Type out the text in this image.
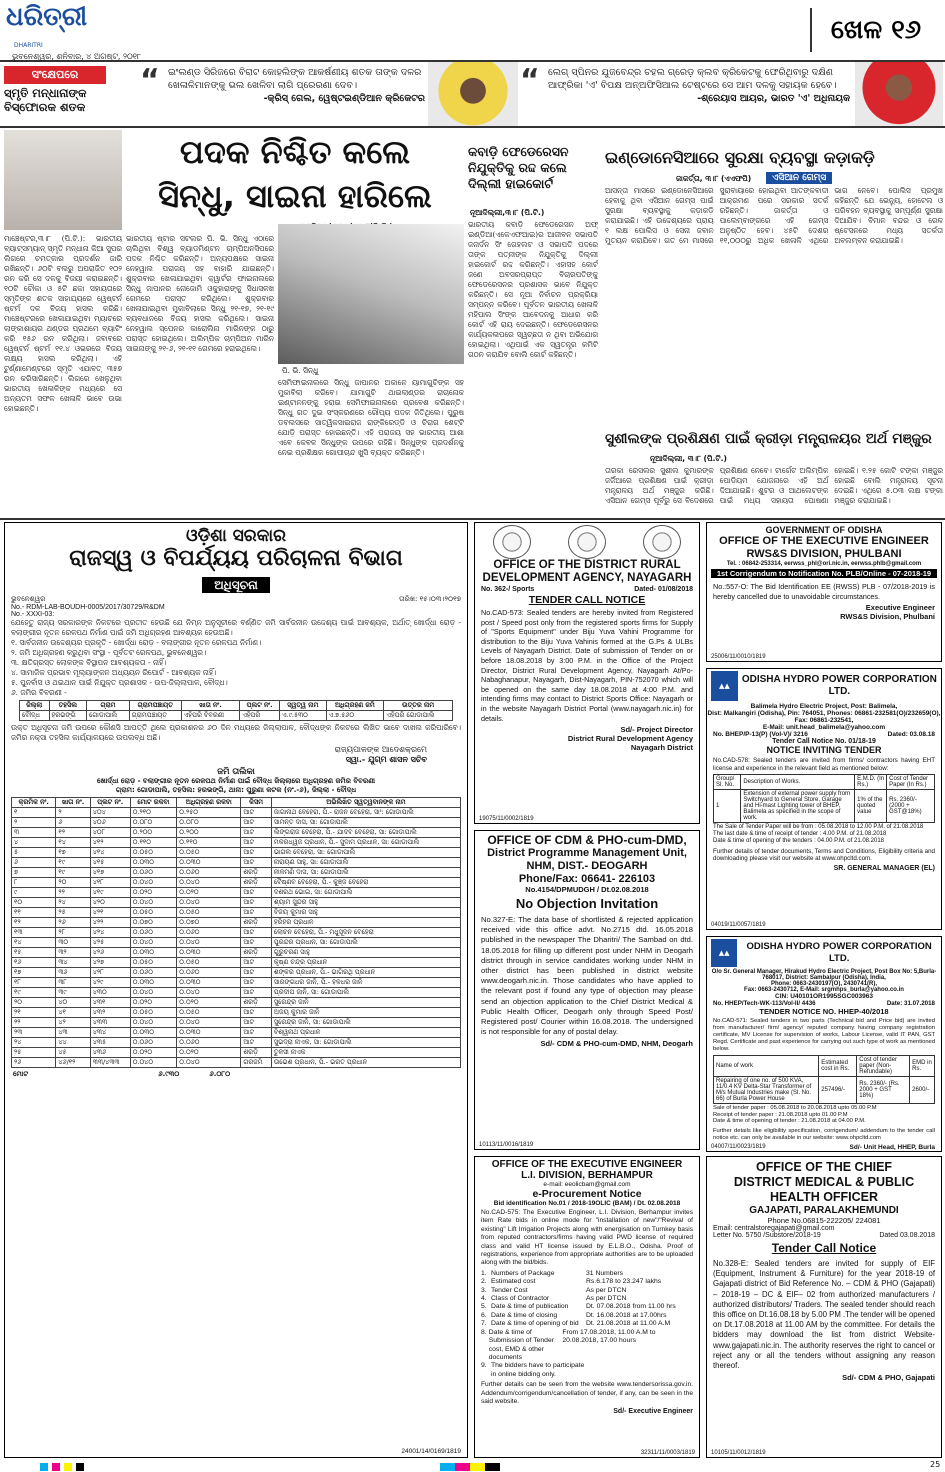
ଧରିତ୍ରୀ
DHARITRI
ଭୁବନେଶ୍ୱର, ଶନିବାର, ୪ ଅଗଷ୍ଟ, ୨୦୧୮
ଖେଳ ୧୬
ସଂକ୍ଷେପରେ	“ ଇଂଲଣ୍ଡ ସିରିଜରେ ବିରାଟ କୋହଲିଙ୍କ ଆକର୍ଷଣୀୟ ଶତକ ତାଙ୍କ ଦଳର ଖେଳାଳିମାନଙ୍କୁ ଭଲ ଖେଳିବା ଲାଗି ପ୍ରେରଣା ଦେବ।
-କ୍ରିସ୍ ଗେଲ, ୱେଷ୍ଟଇଣ୍ଡିଆନ କ୍ରିକେଟର
“ ଲେଗ୍ ସ୍ପିନର ଯୁଜବେନ୍ଦ୍ର ଚହଲ ଗ୍ରେଡ଼ କ୍ଲବ କ୍ରିକେଟକୁ ଫେରିଥିବାରୁ ଦକ୍ଷିଣ ଆଫ୍ରିକା 'ଏ' ବିପକ୍ଷ ଅନ୍‌ଅଫିସିଆଲ ଟେଷ୍ଟରେ ସେ ଆମ ଦଳକୁ ସହାୟକ ହେବେ।
-ଶ୍ରେୟାସ ଆୟର, ଭାରତ 'ଏ' ଅଧିନାୟକ
ସ୍ମୃତି ମନ୍ଧାନାଙ୍କ ବିସ୍ଫୋରକ ଶତକ
ମାଞ୍ଚେଷ୍ଟର,୩।୮ (ପି.ଟି.): ଭାରତୀୟ ବ୍ୟାଟ୍‌ସମ୍ୟାନ୍ ସ୍ମୃତି ମନ୍ଧାନା କିଆ ସୁପର ଲିଗରେ ଚମତ୍କାର ପ୍ରଦର୍ଶନ ଜାରି ରଖିଛନ୍ତି। ୬୦ଟି ବଲରୁ ଅପରାଜିତ ୧୦୨ ରନ କରି ସେ ଦଳକୁ ବିଜୟୀ କରାଇଛନ୍ତି। ୧୦ଟି ଚୌକା ଓ ୫ଟି ଛକା ସହାୟତାରେ ସ୍ମୃତିଙ୍କ ଶତକ ସାହାଯ୍ୟରେ ୱେଷ୍ଟର୍ନ ଷ୍ଟର୍ମ ଦଳ ବିଜୟ ହାସଲ କରିଛି। ମାଞ୍ଚେଷ୍ଟରରେ ଖେଳାଯାଇଥିବା ମ୍ୟାଚରେ ଲାଙ୍କାଶାୟର ଥଣ୍ଡର ପ୍ରଥମେ ବ୍ୟାଟିଂ କରି ୧୫୬ ରନ କରିଥିଲା। ଜବାବରେ ୱେଷ୍ଟର୍ନ ଷ୍ଟର୍ମ ୧୧.୪ ଓଭରରେ ବିଜୟ ଲକ୍ଷ୍ୟ ହାସଲ କରିଥିଲା। ଏହି ଟୁର୍ଣ୍ଣାମେଣ୍ଟରେ ସ୍ମୃତି ଏଯାବତ୍ ୩୫୭ ରନ କରିସାରିଛନ୍ତି। ଲିଗରେ ଖେଳୁଥିବା ଭାରତୀୟ ଖେଳାଳିଙ୍କ ମଧ୍ୟରେ ସେ ଅନ୍ୟତମ ସଫଳ ଖେଳାଳି ଭାବେ ଉଭା ହୋଇଛନ୍ତି।
ପଦକ ନିଶ୍ଚିତ କଲେ
ସିନ୍ଧୁ, ସାଇନା ହାରିଲେ
ଭାରତୀୟ ଷ୍ଟାର ସଟଲର ପି. ଭି. ସିନ୍ଧୁ ଏଠାରେ ଚାଲିଥିବା ବିଶ୍ୱ ବ୍ୟାଡମିଣ୍ଟନ ଚାମ୍ପିଅନସିପରେ ପଦକ ନିଶ୍ଚିତ କରିଛନ୍ତି। ଅନ୍ୟପକ୍ଷରେ ସାଇନା ନେହୱାଲ ପରାଜୟ ସହ ବାହାରି ଯାଇଛନ୍ତି। ଶୁକ୍ରବାର ଖେଳାଯାଇଥିବା କ୍ୱାର୍ଟର ଫାଇନାଲରେ ସିନ୍ଧୁ ଜାପାନର ନୋଜୋମି ଓକୁହାରାଙ୍କୁ ସିଧାସଳଖ ଗେମରେ ପରାସ୍ତ କରିଥିଲେ। ଶୁକ୍ରବାର ଖେଳାଯାଇଥିବା ମୁକାବିଲାରେ ସିନ୍ଧୁ ୨୧-୧୭, ୨୧-୧୯ ବ୍ୟବଧାନରେ ବିଜୟ ହାସଲ କରିଥିଲେ। ସାଇନା ନେହୱାଲ ସ୍ପେନର କାରୋଲିନା ମାରିନଙ୍କ ଠାରୁ ପରାସ୍ତ ହୋଇଥିଲେ। ଅଲିମ୍ପିକ ଚାମ୍ପିଅନ ମାରିନ ସାଇନାଙ୍କୁ ୨୧-୬, ୨୧-୧୧ ଗେମରେ ହରାଇଥିଲେ।
ପି. ଭି. ସିନ୍ଧୁ
ସେମିଫାଇନାଲରେ ସିନ୍ଧୁ ଜାପାନର ଅକାନେ ୟାମାଗୁଚିଙ୍କ ସହ ମୁକାବିଲା କରିବେ। ଯାମାଗୁଚି ଥାଇଲାଣ୍ଡର ରାଚାନୋକ ଇଣ୍ଟାନନଙ୍କୁ ହରାଇ ସେମିଫାଇନାଲରେ ପ୍ରବେଶ କରିଛନ୍ତି। ସିନ୍ଧୁ ଗତ ଦୁଇ ସଂସ୍କରଣରେ ରୌପ୍ୟ ପଦକ ଜିତିଥିଲେ। ପୁରୁଷ ଡବଲସରେ ସାତ୍ୱିକସାଇରାଜ ରାଙ୍କିରେଡ୍ଡି ଓ ଚିରାଗ ଶେଟ୍ଟି ଯୋଡ଼ି ପରାସ୍ତ ହୋଇଛନ୍ତି। ଏହି ପରାଜୟ ସହ ଭାରତୀୟ ଆଶା ଏବେ କେବଳ ସିନ୍ଧୁଙ୍କ ଉପରେ ରହିଛି। ସିନ୍ଧୁଙ୍କ ପ୍ରଦର୍ଶନକୁ ନେଇ ପ୍ରଶିକ୍ଷକ ଗୋପୀଚାନ୍ଦ ଖୁସି ବ୍ୟକ୍ତ କରିଛନ୍ତି।
କବାଡ଼ି ଫେଡେରେସନ ନିଯୁକ୍ତିକୁ ରଦ୍ଦ କଲେ ଦିଲ୍ଲୀ ହାଇକୋର୍ଟ
ନୂଆଦିଲ୍ଲୀ,୩।୮ (ପି.ଟି.)
ଭାରତୀୟ କବାଡ଼ି ଫେଡେରେସନ ଅଫ୍ ଇଣ୍ଡିଆ(ଏକେଏଫଆଇ)ର ଆଜୀବନ ସଭାପତି ଜନାର୍ଦନ ସିଂ ଗେହଲଟ ଓ ସଭାପତି ପଦରେ ତାଙ୍କ ପତ୍ନୀଙ୍କ ନିଯୁକ୍ତିକୁ ଦିଲ୍ଲୀ ହାଇକୋର୍ଟ ରଦ୍ଦ କରିଛନ୍ତି। ଏହାସହ କୋର୍ଟ ଜଣେ ଅବସରପ୍ରାପ୍ତ ବିଚାରପତିଙ୍କୁ ଫେଡେରେସନର ପ୍ରଶାସକ ଭାବେ ନିଯୁକ୍ତ କରିଛନ୍ତି। ସେ ନୂଆ ନିର୍ବାଚନ ପ୍ରକ୍ରିୟା ସମ୍ପନ୍ନ କରିବେ। ପୂର୍ବତନ ଭାରତୀୟ ଖେଳାଳି ମହିପାଲ ସିଂଙ୍କ ଆବେଦନକୁ ଆଧାର କରି କୋର୍ଟ ଏହି ରାୟ ଦେଇଛନ୍ତି। ଫେଡେରେସନର କାର୍ଯ୍ୟକଳାପରେ ସ୍ୱଚ୍ଛତା ନ ଥିବା ଅଭିଯୋଗ ହୋଇଥିଲା। ଏଥିପାଇଁ ଏକ ସ୍ୱତନ୍ତ୍ର କମିଟି ଗଠନ କରାଯିବ ବୋଲି କୋର୍ଟ କହିଛନ୍ତି।
ଇଣ୍ଡୋନେସିଆରେ ସୁରକ୍ଷା ବ୍ୟବସ୍ଥା କଡ଼ାକଡ଼ି
ଜାକର୍ତ୍ତା, ୩।୮ (ଏଏଫପି)	ଏସିଆନ ଗେମ୍ସ
ଆସନ୍ତା ମାସରେ ଇଣ୍ଡୋନେସିଆରେ ହେବାକୁ ଥିବା ଏସିଆନ ଗେମ୍ସ ପାଇଁ ସୁରକ୍ଷା ବ୍ୟବସ୍ଥାକୁ କଡ଼ାକଡ଼ି କରାଯାଇଛି। ଏହି ଉଦ୍ଦେଶ୍ୟରେ ପ୍ରାୟ ୧ ଲକ୍ଷ ପୋଲିସ ଓ ସେନା ଜବାନ ମୁତୟନ କରାଯିବେ। ଗତ ମେ ମାସରେ ସୁରାବାୟାରେ ହୋଇଥିବା ଆତଙ୍କବାଦୀ ଆକ୍ରମଣ ପରେ ସରକାର ସତର୍କ ରହିଛନ୍ତି। ଜାକର୍ତ୍ତା ଓ ପାଲେମ୍ବାଙ୍ଗରେ ଏହି ଗେମ୍ସ ଅନୁଷ୍ଠିତ ହେବ। ୪୫ଟି ଦେଶର ୧୧,୦୦୦ରୁ ଅଧିକ ଖେଳାଳି ଏଥିରେ ଭାଗ ନେବେ। ପୋଲିସ ପ୍ରମୁଖ କହିଛନ୍ତି ଯେ ଭେନ୍ୟୁ, ହୋଟେଲ ଓ ପରିବହନ ବ୍ୟବସ୍ଥାକୁ ସମ୍ପୂର୍ଣ୍ଣ ସୁରକ୍ଷା ଦିଆଯିବ। ବିମାନ ବନ୍ଦର ଓ ରେଳ ଷ୍ଟେସନରେ ମଧ୍ୟ ସତର୍କତା ଅବଲମ୍ବନ କରାଯାଇଛି।
ସୁଶୀଲଙ୍କ ପ୍ରଶିକ୍ଷଣ ପାଇଁ କ୍ରୀଡ଼ା ମନ୍ତ୍ରାଳୟର ଅର୍ଥ ମଞ୍ଜୁର
ନୂଆଦିଲ୍ଲୀ, ୩।୮ (ପି.ଟି.)
ତାରକା ରେସଲର ସୁଶୀଲ କୁମାରଙ୍କ ଜର୍ଜିଆରେ ପ୍ରଶିକ୍ଷଣ ପାଇଁ କ୍ରୀଡ଼ା ମନ୍ତ୍ରାଳୟ ଅର୍ଥ ମଞ୍ଜୁର କରିଛି। ଏସିଆନ ଗେମ୍ସ ପୂର୍ବରୁ ସେ ବିଦେଶରେ ପ୍ରଶିକ୍ଷଣ ନେବେ। ଟାର୍ଗେଟ ଅଲିମ୍ପିକ ପୋଡିୟମ ଯୋଜନାରେ ଏହି ଅର୍ଥ ଦିଆଯାଇଛି। ଶୁଟର ଓ ଆଥଲେଟଙ୍କ ପାଇଁ ମଧ୍ୟ ସହାୟତା ଘୋଷଣା ହୋଇଛି। ୧.୨୫ କୋଟି ଟଙ୍କା ମଞ୍ଜୁର ହୋଇଛି ବୋଲି ମନ୍ତ୍ରାଳୟ ସୂଚନା ଦେଇଛି। ଏଥିରେ ୫.୦୩ ଲକ୍ଷ ଟଙ୍କା ମଞ୍ଜୁର କରାଯାଇଛି।
ଓଡ଼ିଶା ସରକାର
ରାଜସ୍ୱ ଓ ବିପର୍ଯ୍ୟୟ ପରିଚାଳନା ବିଭାଗ
ଅଧିସୂଚନା
ଭୁବନେଶ୍ୱର	ତାରିଖ: ୧୫।୦୩।୨୦୧୭
No.- RDM-LAB-BOUDH-0005/2017/30729/R&DM
No.- XXXI-03:
ଯେହେତୁ ରାଜ୍ୟ ସରକାରଙ୍କ ନିକଟରେ ପ୍ରତୀତ ହେଉଛି ଯେ ନିମ୍ନ ଅନୁସୂଚୀରେ ବର୍ଣ୍ଣିତ ଜମି ସାର୍ବଜନୀନ ଉଦ୍ଦେଶ୍ୟ ପାଇଁ ଆବଶ୍ୟକ, ଅର୍ଥାତ୍ ଖୋର୍ଦ୍ଧା ରୋଡ଼ - ବଲାଙ୍ଗୀର ନୂତନ ରେଳପଥ ନିର୍ମାଣ ପାଇଁ ଜମି ଅଧିଗ୍ରହଣ ଆବଶ୍ୟକ ହେଉଅଛି।
୧. ସାର୍ବଜନୀନ ଉଦ୍ଦେଶ୍ୟର ପ୍ରକୃତି - ଖୋର୍ଦ୍ଧା ରୋଡ଼ - ବଲାଙ୍ଗୀର ନୂତନ ରେଳପଥ ନିର୍ମାଣ।
୨. ଜମି ଅଧିଗ୍ରହଣ କରୁଥିବା ସଂସ୍ଥା - ପୂର୍ବତଟ ରେଳପଥ, ଭୁବନେଶ୍ୱର।
୩. କ୍ଷତିଗ୍ରସ୍ତ ଲୋକଙ୍କ ବିସ୍ଥାପନ ଆବଶ୍ୟକତା - ନାହିଁ।
୪. ସାମାଜିକ ପ୍ରଭାବ ମୂଲ୍ୟାଙ୍କନ ଅଧ୍ୟୟନ ରିପୋର୍ଟ - ଆବଶ୍ୟକ ନାହିଁ।
୫. ପୁନର୍ବାସ ଓ ଥଇଥାନ ପାଇଁ ନିଯୁକ୍ତ ପ୍ରଶାସକ - ଉପ-ଜିଲ୍ଲାପାଳ, ବୌଦ୍ଧ।
୬. ଜମିର ବିବରଣୀ -
ଜିଲ୍ଲା	ତହସିଲ	ଗ୍ରାମ	ଗ୍ରାମପଞ୍ଚାୟତ	ଖାତା ନଂ.	ପ୍ଲଟ ନଂ.	ସ୍ୱତ୍ୱ ନାମ	ଅଧିଗ୍ରହଣ ଜମି	ଉତ୍ତର ନାମ
ବୌଦ୍ଧ	ହରଭଙ୍ଗି	ଗୋଡାପାଲି	ଗ୍ରାମପଞ୍ଚାୟତ	ଏହିପରି ବିବରଣୀ	ଏହିପରି	ଏ.୯.୫୩୦	ଏ.୭.୫୬୦	ଏହିପରି ଗୋଡାପାଲି
ଉକ୍ତ ଅଧିସୂଚନା ଜମି ଉପରେ କୌଣସି ଆପତ୍ତି ଥିଲେ ପ୍ରକାଶନର ୬୦ ଦିନ ମଧ୍ୟରେ ଜିଲ୍ଲାପାଳ, ବୌଦ୍ଧଙ୍କ ନିକଟରେ ଲିଖିତ ଭାବେ ଦାଖଲ କରିପାରିବେ। ଜମିର ନକ୍ସା ତହସିଲ କାର୍ଯ୍ୟାଳୟରେ ଉପଲବ୍ଧ ଅଛି।
ରାଜ୍ୟପାଳଙ୍କ ଆଦେଶକ୍ରମେ
ସ୍ୱା.- ଯୁଗ୍ମ ଶାସନ ସଚିବ
ଜମି ତାଲିକା
ଖୋର୍ଦ୍ଧା ରୋଡ଼ - ବଲାଙ୍ଗୀର ନୂତନ ରେଳପଥ ନିର୍ମାଣ ପାଇଁ ବୌଦ୍ଧ ଜିଲ୍ଲାରେ ଅଧିଗ୍ରହଣ ଜମିର ବିବରଣୀ
ଗ୍ରାମ: ଗୋଡାପାଲି, ତହସିଲ: ହରଭଙ୍ଗି, ଥାନା: ପୁରୁଣା କଟକ (ନଂ.-୬), ଜିଲ୍ଲା - ବୌଦ୍ଧ
କ୍ରମିକ ନଂ.	ଖାତା ନଂ.	ପ୍ଲଟ ନଂ.	ମୋଟ ରକବା	ଅଧିଗ୍ରହଣ ରକବା	କିସମ	ଅଭିଲିଖିତ ସ୍ୱତ୍ୱବାନଙ୍କ ନାମ
୧	୨	୪୦୪	୦.୨୧୦	୦.୨୫୦	ଆଟ	ଜାଗାନାଥ ବେହେରା, ପି.- ରାଜନ ବେହେରା, ସାଂ: ଗୋଡାପାଲି
୨	୬	୪୦୬	୦.୦୮୦	୦.୦୮୦	ଆଟ	ସାମନ୍ତ ଦାସ, ସା: ଗୋଡାପାଲି
୩	୧୨	୪୦୮	୦.୨୦୦	୦.୨୦୦	ଆଟ	ଲିଙ୍ଗରାଜ ବେହେରା, ପି.- ଯାଦବ ବେହେରା, ସା: ଗୋଡାପାଲି
୪	୧୪	୪୧୨	୦.୧୧୦	୦.୧୧୦	ଆଟ	ମକରଧ୍ୱଜ ପ୍ରଧାନ, ପି.- ସୁଦାମ ପ୍ରଧାନ, ସା: ଗୋଡାପାଲି
୫	୧୭	୪୧୪	୦.୦୫୦	୦.୦୫୦	ଆଟ	ଭାଗଲ ବେହେରା, ସା: ଗୋଡାପାଲି
୬	୧୯	୪୧୫	୦.୦୩୦	୦.୦୩୦	ଆଟ	ନାରାୟଣ ସାହୁ, ସା: ଗୋଡାପାଲି
୭	୧୯	୪୧୭	୦.୦୬୦	୦.୦୬୦	ଶରଡ଼ି	ନୀଳମଣି ଦାସ, ସା: ଗୋଡାପାଲି
୮	୨୦	୪୧୮	୦.୦୪୦	୦.୦୪୦	ଶରଡ଼ି	ବୈଷ୍ଣବ ବେହେରା, ପି.- କୁଞ୍ଜ ବେହେରା
୯	୨୨	୪୧୯	୦.୦୨୦	୦.୦୨୦	ଆଟ	ଦଶରଥ ଭୋଇ, ସା: ଗୋଡାପାଲି
୧୦	୨୪	୪୨୦	୦.୦୪୦	୦.୦୪୦	ଆଟ	ଶ୍ୟାମ ସୁନ୍ଦର ସାହୁ
୧୧	୨୫	୪୨୧	୦.୦୫୦	୦.୦୫୦	ଆଟ	ବିଜୟ କୁମାର ସାହୁ
୧୨	୨୬	୪୨୨	୦.୦୭୦	୦.୦୭୦	ଶରଡ଼ି	ହରିହର ପ୍ରଧାନ
୧୩	୨୮	୪୨୪	୦.୦୬୦	୦.୦୬୦	ଆଟ	ଲୋଚନ ବେହେରା, ପି.- ମଧୁସୂଦନ ବେହେରା
୧୪	୩୦	୪୨୫	୦.୦୪୦	୦.୦୪୦	ଆଟ	ପୁରନ୍ଦର ପ୍ରଧାନ, ସା: ଗୋଡାପାଲି
୧୫	୩୨	୪୨୬	୦.୦୩୦	୦.୦୩୦	ଶରଡ଼ି	ଗୁରୁଚରଣ ସାହୁ
୧୬	୩୪	୪୨୭	୦.୦୫୦	୦.୦୫୦	ଆଟ	କୃଷ୍ଣ ଚନ୍ଦ୍ର ପ୍ରଧାନ
୧୭	୩୬	୪୨୮	୦.୦୬୦	୦.୦୬୦	ଆଟ	ଶଙ୍କର ପ୍ରଧାନ, ପି.- ଭାଗିରଥି ପ୍ରଧାନ
୧୮	୩୮	୪୨୯	୦.୦୩୦	୦.୦୩୦	ଆଟ	ସାରଙ୍ଗଧର ଜାନି, ପି.- ହଳଧର ଜାନି
୧୯	୩୯	୪୩୦	୦.୦୪୦	୦.୦୪୦	ଆଟ	ପ୍ରଦୀପ ଜାନି, ସା: ଗୋଡାପାଲି
୨୦	୪୦	୪୩୧	୦.୦୨୦	୦.୦୨୦	ଶରଡ଼ି	ସୁରେନ୍ଦ୍ର ଜାନି
୨୧	୪୧	୪୩୨	୦.୦୫୦	୦.୦୫୦	ଆଟ	ଅଜୟ କୁମାର ଜାନି
୨୨	୪୨	୪୩୩	୦.୦୪୦	୦.୦୪୦	ଆଟ	ସୁରେନ୍ଦ୍ର ଜାନି, ସା: ଗୋଡାପାଲି
୨୩	୪୩	୪୩୪	୦.୦୩୦	୦.୦୩୦	ଆଟ	ବିଶ୍ୱନାଥ ପ୍ରଧାନ
୨୪	୪୪	୪୩୫	୦.୦୬୦	୦.୦୬୦	ଆଟ	ସୁଭଦ୍ରା ନାଏକ, ସା: ଗୋଡାପାଲି
୨୫	୪୫	୪୩୬	୦.୦୨୦	୦.୦୨୦	ଶରଡ଼ି	ତୁଳସୀ ନାଏକ
୨୬	୪୬/୧୨	୩୩/୪୩୩	୦.୦୪୦	୦.୦୪୦	ଗରଜମି	ଉଭେଶ ପ୍ରଧାନ, ପି.- ଭରତ ପ୍ରଧାନ
ମୋଟ	୬.୯୩୦	୬.୦୮୦
24001/14/0169/1819
OFFICE OF THE DISTRICT RURAL DEVELOPMENT AGENCY, NAYAGARH
No. 362-/ Sports	Dated- 01/08/2018
TENDER CALL NOTICE
No.CAD-573: Sealed tenders are hereby invited from Registered post / Speed post only from the registered sports firms for Supply of "Sports Equipment" under Biju Yuva Vahini Programme for distribution to the Biju Yuva Vahinis formed at the G.Ps & ULBs Levels of Nayagarh District. Date of submission of Tender on or before 18.08.2018 by 3:00 P.M. in the Office of the Project Director, District Rural Development Agency, Nayagarh At/Po-Nabaghanapur, Nayagarh, Dist-Nayagarh, PIN-752070 which will be opened on the same day 18.08.2018 at 4:00 P.M. and intending firms may contact to District Sports Office: Nayagarh or in the website Nayagarh District Portal (www.nayagarh.nic.in) for details.
Sd/- Project Director
District Rural Development Agency
Nayagarh District
19075/11/0002/1819
OFFICE OF CDM & PHO-cum-DMD,
District Programme Management Unit, NHM, DIST.- DEOGARH
Phone/Fax: 06641- 226103
No.4154/DPMUDGH / Dt.02.08.2018
No Objection Invitation
No.327-E: The data base of shortlisted & rejected application received vide this office advt. No.2715 dtd. 16.05.2018 published in the newspaper The Dharitri/ The Sambad on dtd. 18.05.2018 for filling up different post under NHM in Deogarh district through in service candidates working under NHM in other district has been published in district website www.deogarh.nic.in. Those candidates who have applied to the relevant post if found any type of objection may please send an objection application to the Chief District Medical & Public Health Officer, Deogarh only through Speed Post/ Registered post/ Courier within 16.08.2018. The undersigned is not responsible for any of postal delay.
Sd/- CDM & PHO-cum-DMD, NHM, Deogarh
10113/11/0016/1819
OFFICE OF THE EXECUTIVE ENGINEER
L.I. DIVISION, BERHAMPUR
e-mail: eeolicbam@gmail.com
e-Procurement Notice
Bid identification No.01 / 2018-19OLIC (BAM) / Dt. 02.08.2018
No.CAD-575: The Executive Engineer, L.I. Division, Berhampur invites item Rate bids in online mode for "installation of new"/"Revival of existing" Lift Irrigation Projects along with energisation on Turnkey basis from reputed contractors/firms having valid PWD license of required class and valid HT license issued by E.L.B.O., Odisha. Proof of registrations, experience from appropriate authorities are to be uploaded along with the bid/bids.
1. Numbers of Package	31 Numbers
2. Estimated cost	Rs.6.178 to 23.247 lakhs
3. Tender Cost	As per DTCN
4. Class of Contractor	As per DTCN
5. Date & time of publication	Dt. 07.08.2018 from 11.00 hrs
6. Date & time of closing	Dt. 16.08.2018 at 17.00hrs
7. Date & time of opening of bid	Dt. 21.08.2018 at 11.00 A.M
8. Date & time of Submission of Tender cost, EMD & other documents
From 17.08.2018, 11.00 A.M to 20.08.2018, 17.00 hours
9. The bidders have to participate in online bidding only.
Further details can be seen from the website www.tendersorissa.gov.in. Addendum/corrigendum/cancellation of tender, if any, can be seen in the said website.
Sd/- Executive Engineer
32311/11/0003/1819
GOVERNMENT OF ODISHA
OFFICE OF THE EXECUTIVE ENGINEER
RWS&S DIVISION, PHULBANI
Tel. : 06842-253314, eerwss_phl@ori.nic.in, eerwss.phlb@gmail.com
1st Corrigendum to Notification No. PLB/Online - 07-2018-19
No.:557-O: The Bid Identification EE (RWSS) PLB - 07/2018-2019 is hereby cancelled due to unavoidable circumstances.
Executive Engineer
RWS&S Division, Phulbani
25006/11/0010/1819
▲▲
ODISHA HYDRO POWER CORPORATION LTD.
Balimela Hydro Electric Project, Post: Balimela,
Dist: Malkangiri (Odisha), Pin: 764051, Phones: 06861-232581(O)/232659(O), Fax: 06861-232541,
E-Mail: unit.head_balimela@yahoo.com
No. BHEP/P-13(P) (Vol-V)/ 3216	Dated: 03.08.18
Tender Call Notice No. 01/18-19
NOTICE INVITING TENDER
No.CAD-578: Sealed tenders are invited from firms/ contractors having EHT license and experience in the relevant field as mentioned below:
Group/ Sl. No.	Description of Works.	E.M.D. (In Rs.)	Cost of Tender Paper (In Rs.)
1	Extension of external power supply from Switchyard to General Store, Garage and Hi-mast Lighting tower of BHEP, Balimela as specified in the scope of work.	1% of the quoted value	Rs. 2360/- (2000 + GST@18%)
The Sale of Tender Paper will be from : 05.08.2018 to 12.00 P.M. of 21.08.2018
The last date & time of receipt of tender : 4.00 P.M. of 21.08.2018
Date & time of opening of the tenders : 04.00 P.M. of 21.08.2018
Further details of tender documents, Terms and Conditions, Eligibility criteria and downloading please visit our website at www.ohpcltd.com.
SR. GENERAL MANAGER (EL)
04019/11/0057/1819
▲▲
ODISHA HYDRO POWER CORPORATION LTD.
O/o Sr. General Manager, Hirakud Hydro Electric Project, Post Box No: 5,Burla-768017, District: Sambalpur (Odisha), India,
Phone: 0663-2430197(O), 2430741(R),
Fax: 0663-2430712, E-Mail: srgmhps_burla@yahoo.co.in
CIN: U40101OR1995SGC003963
No. HHEP/Tech-WK-113/Vol-II/ 4436	Date: 31.07.2018
TENDER NOTICE NO. HHEP-40/2018
No.CAD-571: Sealed tenders in two parts (Technical bid and Price bid) are invited from manufacturer/ firm/ agency/ reputed company having company registration certificate, MV License for supervision of works, Labour License, valid IT PAN, GST Regd. Certificate and past experience for carrying out such type of work as mentioned below.
Name of work	Estimated cost in Rs.	Cost of tender paper (Non-Refundable)	EMD in Rs.
Repairing of one no. of 500 KVA, 11/0.4 KV Delta-Star Transformer of M/s Mutual Industries make (Sl. No. 66) of Burla Power House	257496/-	Rs. 2360/- (Rs. 2000 + GST 18%)	2600/-
Sale of tender paper : 05.08.2018 to 20.08.2018 upto 05.00 P.M
Receipt of tender paper : 21.08.2018 upto 01.00 P.M
Date & time of opening of tender : 21.08.2018 at 04.00 P.M.
Further details like eligibility specification, corrigendum/ addendum to the tender call notice etc. can only be available in our website: www.ohpcltd.com
Sd/- Unit Head, HHEP, Burla
04007/11/0023/1819
OFFICE OF THE CHIEF
DISTRICT MEDICAL & PUBLIC
HEALTH OFFICER
GAJAPATI, PARALAKHEMUNDI
Phone No.06815-222205/ 224081
Email: centralstoregajapati@gmail.com
Letter No. 5750 /Substore/2018-19	Dated 03.08.2018
Tender Call Notice
No.328-E: Sealed tenders are invited for supply of EIF (Equipment, Instrument & Furniture) for the year 2018-19 of Gajapati district of Bid Reference No. – CDM & PHO (Gajapati) – 2018-19 – DC & EIF– 02 from authorized manufacturers / authorized distributors/ Traders. The sealed tender should reach this office on Dt.16.08.18 by 5.00 PM .The tender will be opened on Dt.17.08.2018 at 11.00 AM by the committee. For details the bidders may download the list from district Website-www.gajapati.nic.in. The authority reserves the right to cancel or reject any or all the tenders without assigning any reason thereof.
Sd/- CDM & PHO, Gajapati
10105/11/0012/1819
25
